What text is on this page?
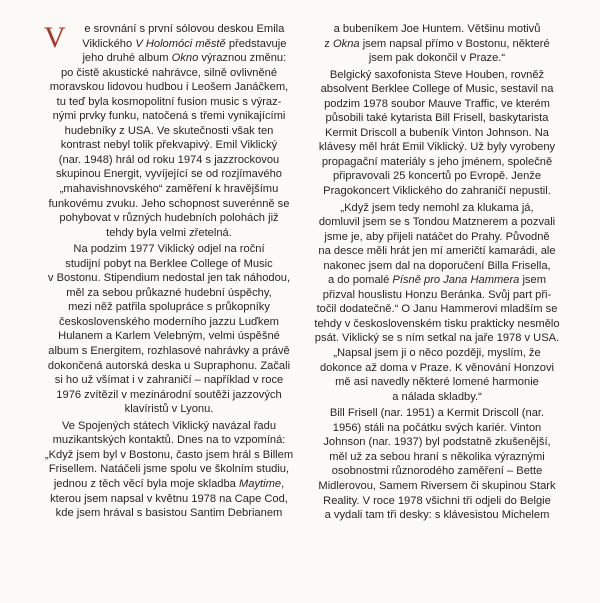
V	e srovnání s první sólovou deskou Emila
Viklického V Holomóci městě představuje
jeho druhé album Okno výraznou změnu:
po čistě akustické nahrávce, silně ovlivněné
moravskou lidovou hudbou i Leošem Janáčkem,
tu teď byla kosmopolitní fusion music s výraz-
nými prvky funku, natočená s třemi vynikajícími
hudebníky z USA. Ve skutečnosti však ten
kontrast nebyl tolik překvapivý. Emil Viklický
(nar. 1948) hrál od roku 1974 s jazzrockovou
skupinou Energit, vyvíjející se od rozjímavého
„mahavishnovského“ zaměření k hravějšímu
funkovému zvuku. Jeho schopnost suverénně se
pohybovat v různých hudebních polohách již
tehdy byla velmi zřetelná.

Na podzim 1977 Viklický odjel na roční
studijní pobyt na Berklee College of Music
v Bostonu. Stipendium nedostal jen tak náhodou,
měl za sebou průkazné hudební úspěchy,
mezi něž patřila spolupráce s průkopníky
československého moderního jazzu Luďkem
Hulanem a Karlem Velebným, velmi úspěšné
album s Energitem, rozhlasové nahrávky a právě
dokončená autorská deska u Supraphonu. Začali
si ho už všímat i v zahraničí – například v roce
1976 zvítězil v mezinárodní soutěži jazzových
klavíristů v Lyonu.

Ve Spojených státech Viklický navázal řadu
muzikantských kontaktů. Dnes na to vzpomíná:
„Když jsem byl v Bostonu, často jsem hrál s Billem
Frisellem. Natáčeli jsme spolu ve školním studiu,
jednou z těch věcí byla moje skladba Maytime,
kterou jsem napsal v květnu 1978 na Cape Cod,
kde jsem hrával s basistou Santim Debrianem

a bubeníkem Joe Huntem. Většinu motivů
z Okna jsem napsal přímo v Bostonu, některé
jsem pak dokončil v Praze.“

Belgický saxofonista Steve Houben, rovněž
absolvent Berklee College of Music, sestavil na
podzim 1978 soubor Mauve Traffic, ve kterém
působili také kytarista Bill Frisell, baskytarista
Kermit Driscoll a bubeník Vinton Johnson. Na
klávesy měl hrát Emil Viklický. Už byly vyrobeny
propagační materiály s jeho jménem, společně
připravovali 25 koncertů po Evropě. Jenže
Pragokoncert Viklického do zahraničí nepustil.

„Když jsem tedy nemohl za klukama já,
domluvil jsem se s Tondou Matznerem a pozvali
jsme je, aby přijeli natáčet do Prahy. Původně
na desce měli hrát jen mí američtí kamarádi, ale
nakonec jsem dal na doporučení Billa Frisella,
a do pomalé Písně pro Jana Hammera jsem
přizval houslistu Honzu Beránka. Svůj part při-
točil dodatečně.“ O Janu Hammerovi mladším se
tehdy v československém tisku prakticky nesmělo
psát. Viklický se s ním setkal na jaře 1978 v USA.
„Napsal jsem ji o něco později, myslím, že
dokonce až doma v Praze. K věnování Honzovi
mě asi navedly některé lomené harmonie
a nálada skladby.“

Bill Frisell (nar. 1951) a Kermit Driscoll (nar.
1956) stáli na počátku svých kariér. Vinton
Johnson (nar. 1937) byl podstatně zkušenější,
měl už za sebou hraní s několika výraznými
osobnostmi různorodého zaměření – Bette
Midlerovou, Samem Riversem či skupinou Stark
Reality. V roce 1978 všichni tři odjeli do Belgie
a vydali tam tři desky: s klávesistou Michelem
